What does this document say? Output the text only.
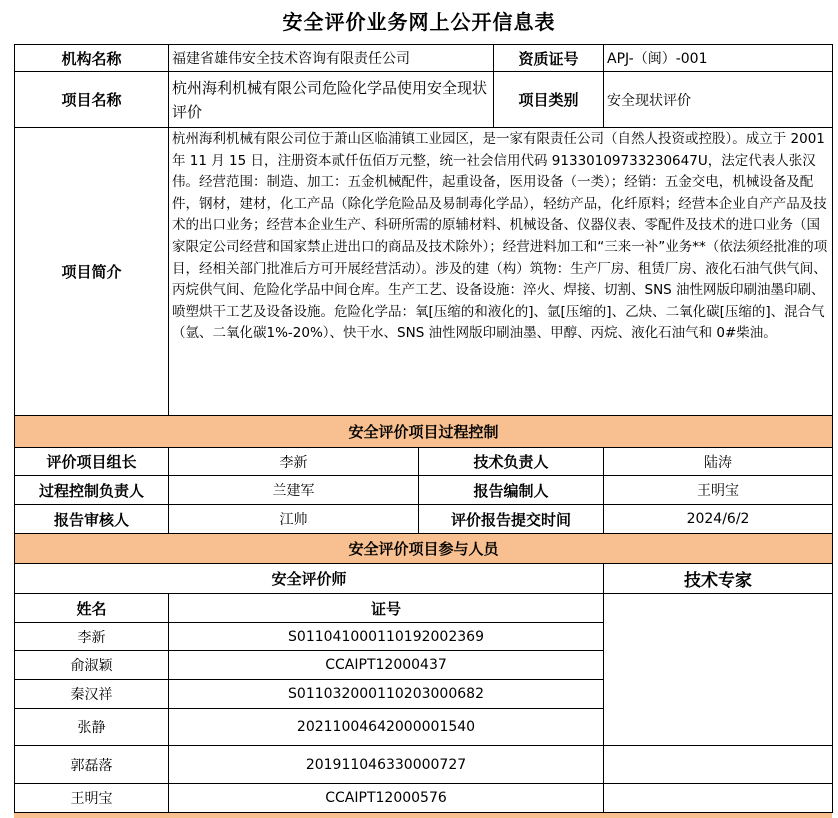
安全评价业务网上公开信息表
机构名称	福建省雄伟安全技术咨询有限责任公司	资质证号	APJ-（闽）-001
项目名称	杭州海利机械有限公司危险化学品使用安全现状评价	项目类别	安全现状评价
项目简介	杭州海利机械有限公司位于萧山区临浦镇工业园区，是一家有限责任公司（自然人投资或控股）。成立于 2001 年 11 月 15 日，注册资本贰仟伍佰万元整，统一社会信用代码 91330109733230647U，法定代表人张汉伟。经营范围：制造、加工：五金机械配件，起重设备，医用设备（一类）；经销：五金交电，机械设备及配件，钢材，建材，化工产品（除化学危险品及易制毒化学品），轻纺产品，化纤原料；经营本企业自产产品及技术的出口业务；经营本企业生产、科研所需的原辅材料、机械设备、仪器仪表、零配件及技术的进口业务（国家限定公司经营和国家禁止进出口的商品及技术除外）；经营进料加工和“三来一补”业务**（依法须经批准的项目，经相关部门批准后方可开展经营活动）。涉及的建（构）筑物：生产厂房、租赁厂房、液化石油气供气间、丙烷供气间、危险化学品中间仓库。生产工艺、设备设施：淬火、焊接、切割、SNS 油性网版印刷油墨印刷、喷塑烘干工艺及设备设施。危险化学品：氧[压缩的和液化的]、氩[压缩的]、乙炔、二氧化碳[压缩的]、混合气（氩、二氧化碳1%-20%）、快干水、SNS 油性网版印刷油墨、甲醇、丙烷、液化石油气和 0#柴油。		
安全评价项目过程控制			
评价项目组长	李新	技术负责人	陆涛
过程控制负责人	兰建军	报告编制人	王明宝
报告审核人	江帅	评价报告提交时间	2024/6/2
安全评价项目参与人员			
安全评价师		技术专家
姓名	证号	
李新	S011041000110192002369	
俞淑颖	CCAIPT12000437	
秦汉祥	S011032000110203000682	
张静	20211004642000001540	
郭磊落	201911046330000727	
王明宝	CCAIPT12000576	
